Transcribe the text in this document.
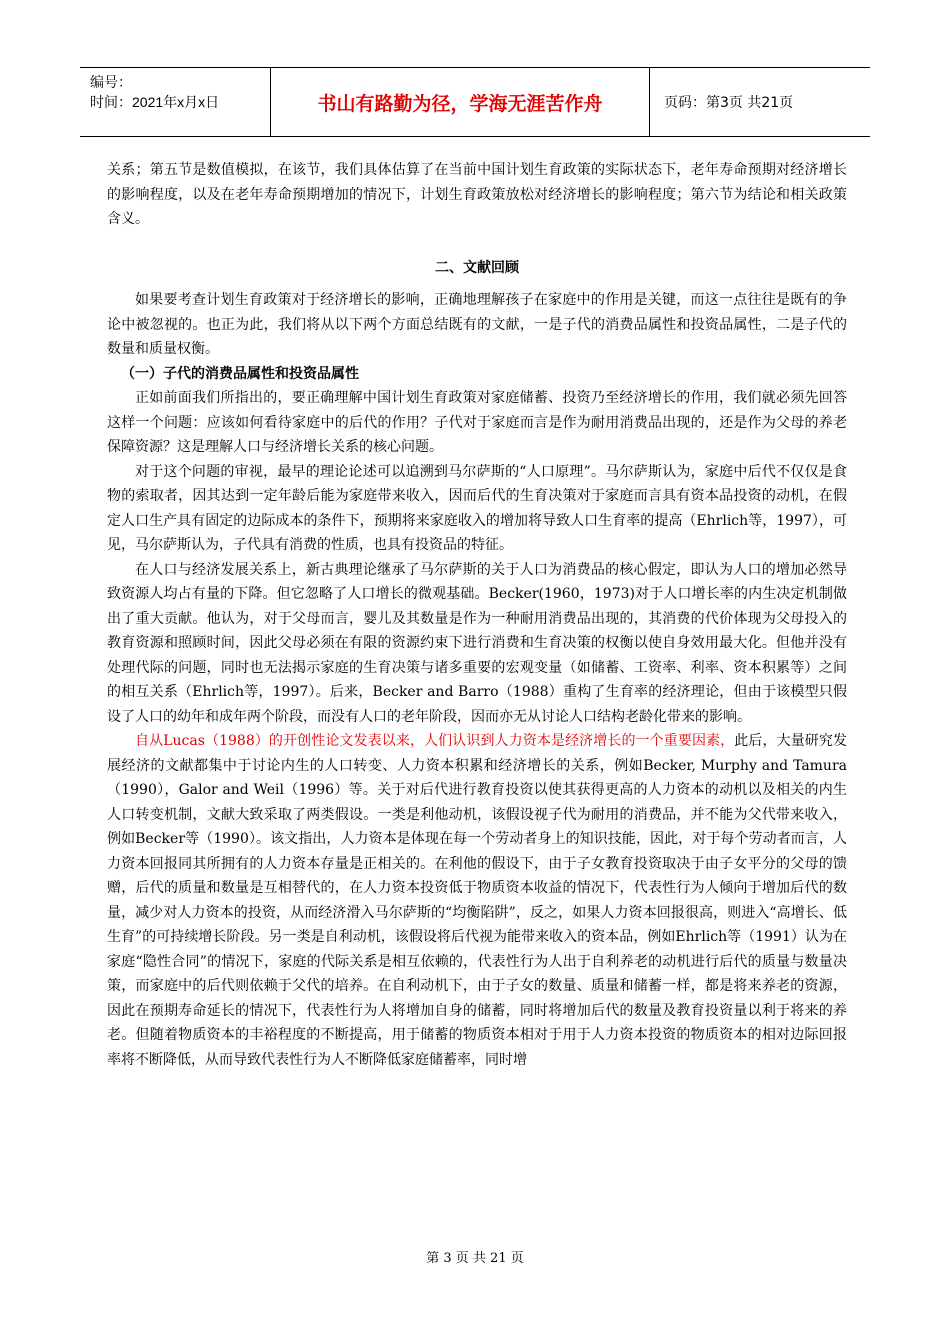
编号：
时间：2021年x月x日	书山有路勤为径，学海无涯苦作舟	页码：第3页 共21页

关系；第五节是数值模拟，在该节，我们具体估算了在当前中国计划生育政策的实际状态下，老年寿命预期对经济增长的影响程度，以及在老年寿命预期增加的情况下，计划生育政策放松对经济增长的影响程度；第六节为结论和相关政策含义。

二、文献回顾

如果要考查计划生育政策对于经济增长的影响，正确地理解孩子在家庭中的作用是关键，而这一点往往是既有的争论中被忽视的。也正为此，我们将从以下两个方面总结既有的文献，一是子代的消费品属性和投资品属性，二是子代的数量和质量权衡。

（一）子代的消费品属性和投资品属性

正如前面我们所指出的，要正确理解中国计划生育政策对家庭储蓄、投资乃至经济增长的作用，我们就必须先回答这样一个问题：应该如何看待家庭中的后代的作用？子代对于家庭而言是作为耐用消费品出现的，还是作为父母的养老保障资源？这是理解人口与经济增长关系的核心问题。

对于这个问题的审视，最早的理论论述可以追溯到马尔萨斯的“人口原理”。马尔萨斯认为，家庭中后代不仅仅是食物的索取者，因其达到一定年龄后能为家庭带来收入，因而后代的生育决策对于家庭而言具有资本品投资的动机，在假定人口生产具有固定的边际成本的条件下，预期将来家庭收入的增加将导致人口生育率的提高（Ehrlich等，1997），可见，马尔萨斯认为，子代具有消费的性质，也具有投资品的特征。

在人口与经济发展关系上，新古典理论继承了马尔萨斯的关于人口为消费品的核心假定，即认为人口的增加必然导致资源人均占有量的下降。但它忽略了人口增长的微观基础。Becker(1960，1973)对于人口增长率的内生决定机制做出了重大贡献。他认为，对于父母而言，婴儿及其数量是作为一种耐用消费品出现的，其消费的代价体现为父母投入的教育资源和照顾时间，因此父母必须在有限的资源约束下进行消费和生育决策的权衡以使自身效用最大化。但他并没有处理代际的问题，同时也无法揭示家庭的生育决策与诸多重要的宏观变量（如储蓄、工资率、利率、资本积累等）之间的相互关系（Ehrlich等，1997）。后来，Becker and Barro（1988）重构了生育率的经济理论，但由于该模型只假设了人口的幼年和成年两个阶段，而没有人口的老年阶段，因而亦无从讨论人口结构老龄化带来的影响。

自从Lucas（1988）的开创性论文发表以来，人们认识到人力资本是经济增长的一个重要因素，此后，大量研究发展经济的文献都集中于讨论内生的人口转变、人力资本积累和经济增长的关系，例如Becker, Murphy and Tamura（1990），Galor and Weil（1996）等。关于对后代进行教育投资以使其获得更高的人力资本的动机以及相关的内生人口转变机制，文献大致采取了两类假设。一类是利他动机，该假设视子代为耐用的消费品，并不能为父代带来收入，例如Becker等（1990）。该文指出，人力资本是体现在每一个劳动者身上的知识技能，因此，对于每个劳动者而言，人力资本回报同其所拥有的人力资本存量是正相关的。在利他的假设下，由于子女教育投资取决于由子女平分的父母的馈赠，后代的质量和数量是互相替代的，在人力资本投资低于物质资本收益的情况下，代表性行为人倾向于增加后代的数量，减少对人力资本的投资，从而经济滑入马尔萨斯的“均衡陷阱”，反之，如果人力资本回报很高，则进入“高增长、低生育”的可持续增长阶段。另一类是自利动机，该假设将后代视为能带来收入的资本品，例如Ehrlich等（1991）认为在家庭“隐性合同”的情况下，家庭的代际关系是相互依赖的，代表性行为人出于自利养老的动机进行后代的质量与数量决策，而家庭中的后代则依赖于父代的培养。在自利动机下，由于子女的数量、质量和储蓄一样，都是将来养老的资源，因此在预期寿命延长的情况下，代表性行为人将增加自身的储蓄，同时将增加后代的数量及教育投资量以利于将来的养老。但随着物质资本的丰裕程度的不断提高，用于储蓄的物质资本相对于用于人力资本投资的物质资本的相对边际回报率将不断降低，从而导致代表性行为人不断降低家庭储蓄率，同时增

第 3 页 共 21 页
